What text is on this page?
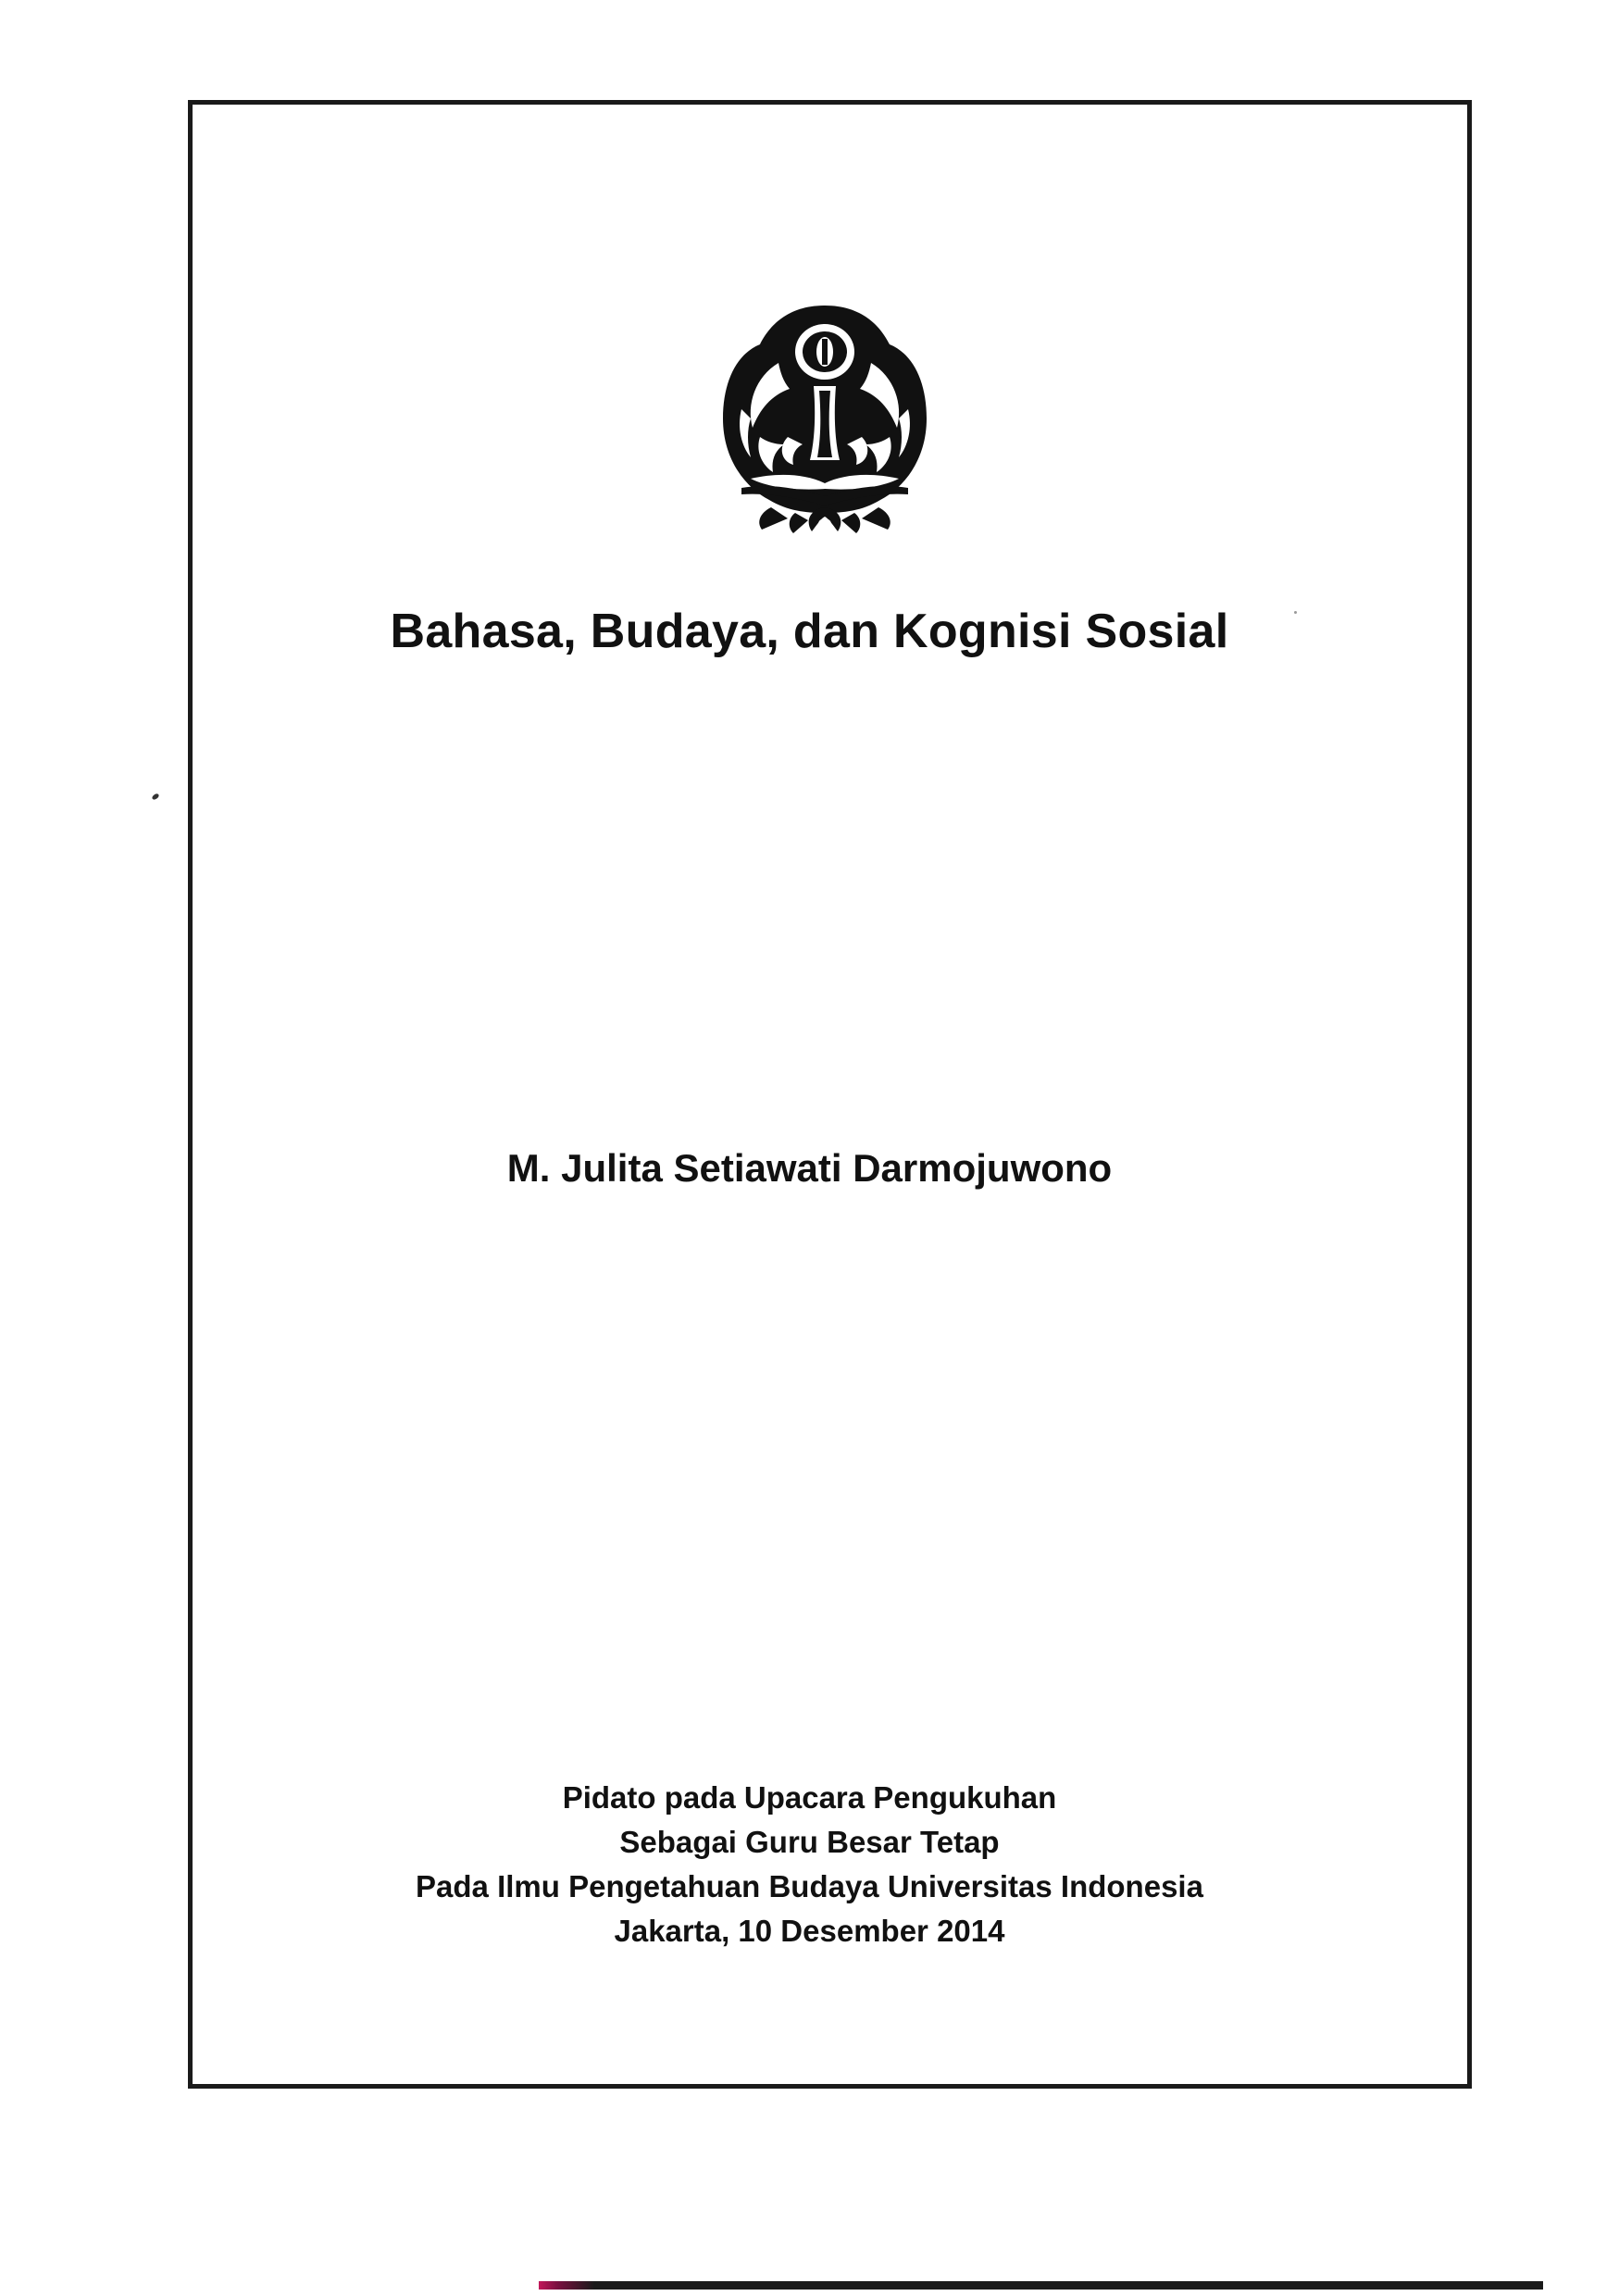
Bahasa, Budaya, dan Kognisi Sosial
M. Julita Setiawati Darmojuwono
Pidato pada Upacara Pengukuhan
Sebagai Guru Besar Tetap
Pada Ilmu Pengetahuan Budaya Universitas Indonesia
Jakarta, 10 Desember 2014
